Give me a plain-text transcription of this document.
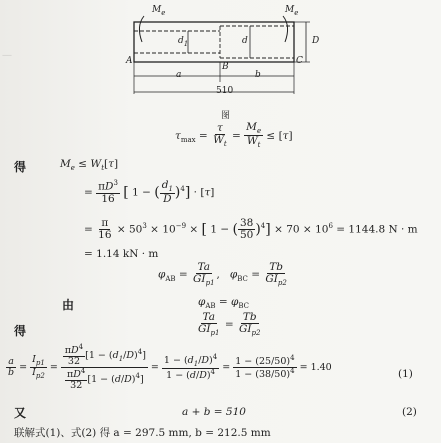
—
$M_e$	$M_e$
$d_1$	d	D
A
B
C
a	b
510
图
$\tau_{max} = \frac{\tau}{W_t} = \frac{M_e}{W_t} \le [\tau]$
得	$M_e \le W_t[\tau]$
= $\frac{\pi D^3}{16}$ [ 1 − ( $\frac{d_1}{D} )^4] \cdot [\tau]$
= $\frac{\pi}{16} \times 50^3 \times 10^{-9}$ × [ 1 − ( $\frac{38}{50} )^4] \times 70 \times 10^6 = 1144.8$ N · m
= 1.14 kN · m
$\varphi_{AB} = \frac{Ta}{GI_{p1}}$ ,   $\varphi_{BC} = \frac{Tb}{GI_{p2}}$
由	$\varphi_{AB} = \varphi_{BC}$
得	$\frac{Ta}{GI_{p1}} = \frac{Tb}{GI_{p2}}$
$\frac{a}{b} = \frac{I_{p1}}{I_{p2}} = \frac{\frac{\pi D^4}{32} [1 - (d_1/D)^4]}{\frac{\pi D^4}{32} [1 - (d/D)^4]} = \frac{1 - (d_1/D)^4}{1 - (d/D)^4} = \frac{1 - (25/50)^4}{1 - (38/50)^4} = 1.40$
(1)
又	a + b = 510	(2)
联解式(1)、式(2) 得 a = 297.5 mm, b = 212.5 mm
